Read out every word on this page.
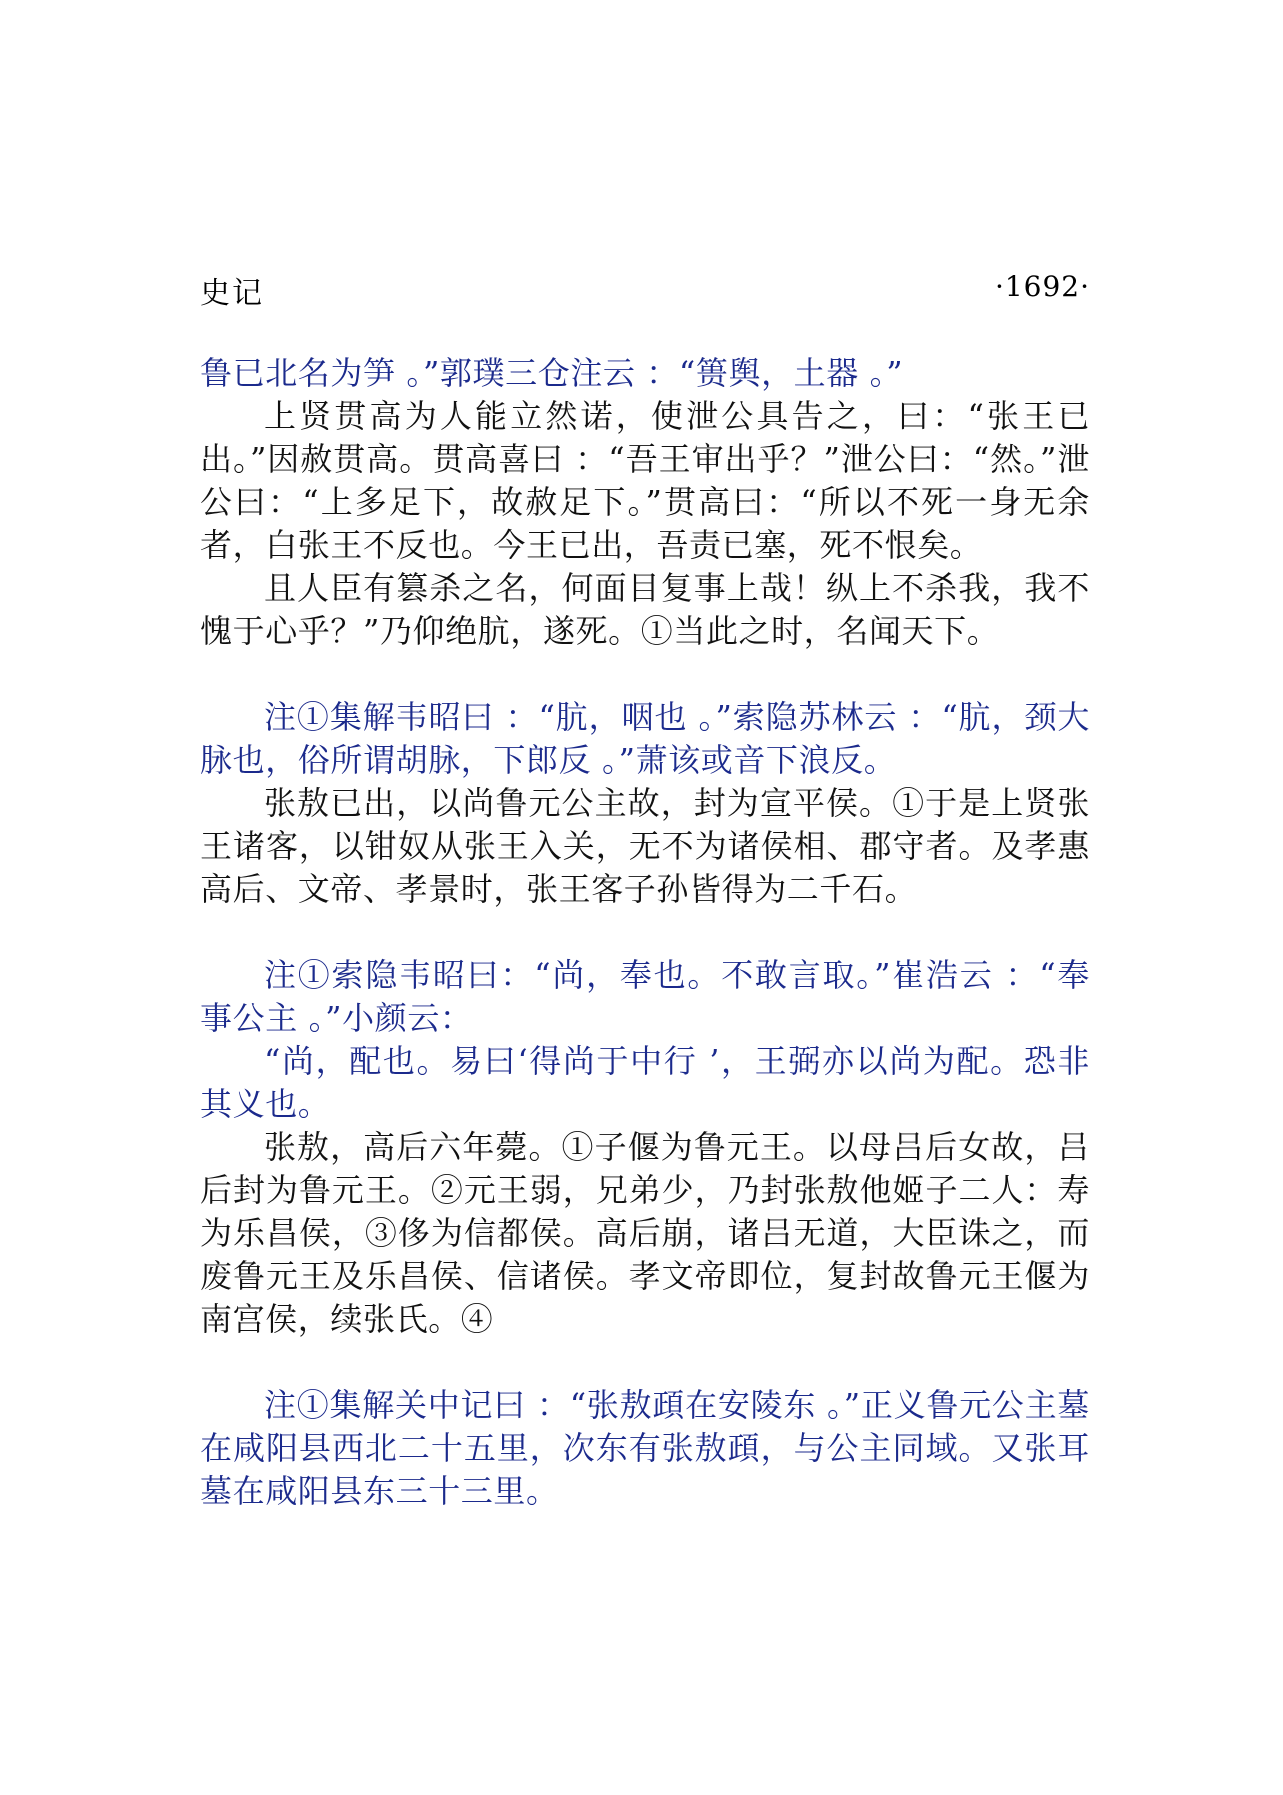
史记	·1692·

鲁已北名为笋 。”郭璞三仓注云 ：“篑舆，土器 。”

上贤贯高为人能立然诺，使泄公具告之，曰：“张王已出。”因赦贯高。贯高喜曰 ：“吾王审出乎？”泄公曰：“然。”泄公曰：“上多足下，故赦足下。”贯高曰：“所以不死一身无余者，白张王不反也。今王已出，吾责已塞，死不恨矣。

且人臣有篡杀之名，何面目复事上哉！纵上不杀我，我不愧于心乎？”乃仰绝肮，遂死。①当此之时，名闻天下。

注①集解韦昭曰 ：“肮，咽也 。”索隐苏林云 ：“肮，颈大脉也，俗所谓胡脉，下郎反 。”萧该或音下浪反。

张敖已出，以尚鲁元公主故，封为宣平侯。①于是上贤张王诸客，以钳奴从张王入关，无不为诸侯相、郡守者。及孝惠高后、文帝、孝景时，张王客子孙皆得为二千石。

注①索隐韦昭曰：“尚，奉也。不敢言取。”崔浩云 ：“奉事公主 。”小颜云：

“尚，配也。易曰‘得尚于中行 ’，王弼亦以尚为配。恐非其义也。

张敖，高后六年薨。①子偃为鲁元王。以母吕后女故，吕后封为鲁元王。②元王弱，兄弟少，乃封张敖他姬子二人：寿为乐昌侯，③侈为信都侯。高后崩，诸吕无道，大臣诛之，而废鲁元王及乐昌侯、信诸侯。孝文帝即位，复封故鲁元王偃为南宫侯，续张氏。④

注①集解关中记曰 ：“张敖頙在安陵东 。”正义鲁元公主墓在咸阳县西北二十五里，次东有张敖頙，与公主同域。又张耳墓在咸阳县东三十三里。
